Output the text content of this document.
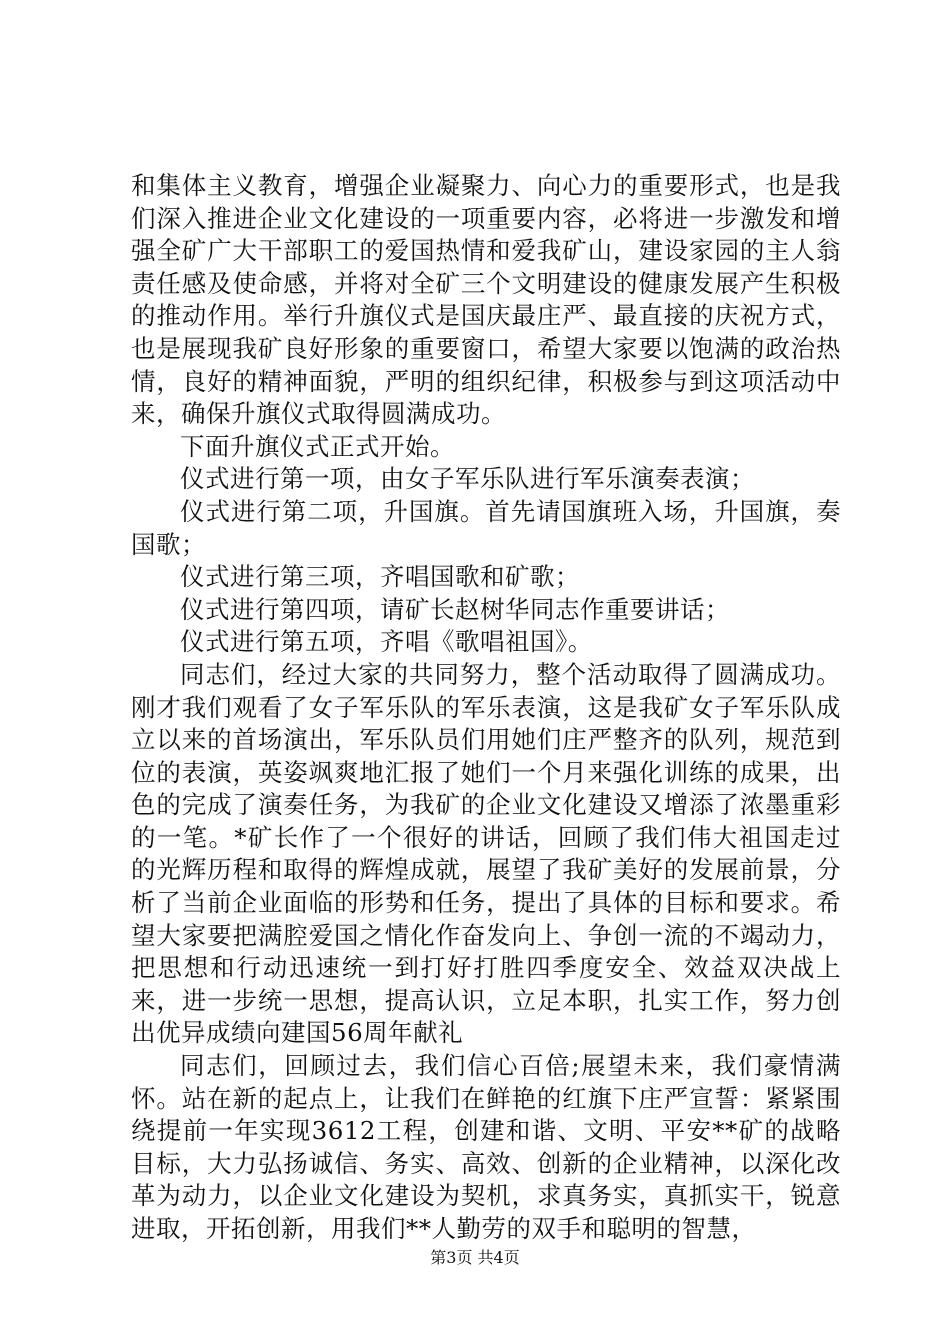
和集体主义教育，增强企业凝聚力、向心力的重要形式，也是我们深入推进企业文化建设的一项重要内容，必将进一步激发和增强全矿广大干部职工的爱国热情和爱我矿山，建设家园的主人翁责任感及使命感，并将对全矿三个文明建设的健康发展产生积极的推动作用。举行升旗仪式是国庆最庄严、最直接的庆祝方式，也是展现我矿良好形象的重要窗口，希望大家要以饱满的政治热情，良好的精神面貌，严明的组织纪律，积极参与到这项活动中来，确保升旗仪式取得圆满成功。

下面升旗仪式正式开始。

仪式进行第一项，由女子军乐队进行军乐演奏表演；

仪式进行第二项，升国旗。首先请国旗班入场，升国旗，奏国歌；

仪式进行第三项，齐唱国歌和矿歌；

仪式进行第四项，请矿长赵树华同志作重要讲话；

仪式进行第五项，齐唱《歌唱祖国》。

同志们，经过大家的共同努力，整个活动取得了圆满成功。刚才我们观看了女子军乐队的军乐表演，这是我矿女子军乐队成立以来的首场演出，军乐队员们用她们庄严整齐的队列，规范到位的表演，英姿飒爽地汇报了她们一个月来强化训练的成果，出色的完成了演奏任务，为我矿的企业文化建设又增添了浓墨重彩的一笔。*矿长作了一个很好的讲话，回顾了我们伟大祖国走过的光辉历程和取得的辉煌成就，展望了我矿美好的发展前景，分析了当前企业面临的形势和任务，提出了具体的目标和要求。希望大家要把满腔爱国之情化作奋发向上、争创一流的不竭动力，把思想和行动迅速统一到打好打胜四季度安全、效益双决战上来，进一步统一思想，提高认识，立足本职，扎实工作，努力创出优异成绩向建国56周年献礼

同志们，回顾过去，我们信心百倍;展望未来，我们豪情满怀。站在新的起点上，让我们在鲜艳的红旗下庄严宣誓：紧紧围绕提前一年实现3612工程，创建和谐、文明、平安**矿的战略目标，大力弘扬诚信、务实、高效、创新的企业精神，以深化改革为动力，以企业文化建设为契机，求真务实，真抓实干，锐意进取，开拓创新，用我们**人勤劳的双手和聪明的智慧，

第3页 共4页
